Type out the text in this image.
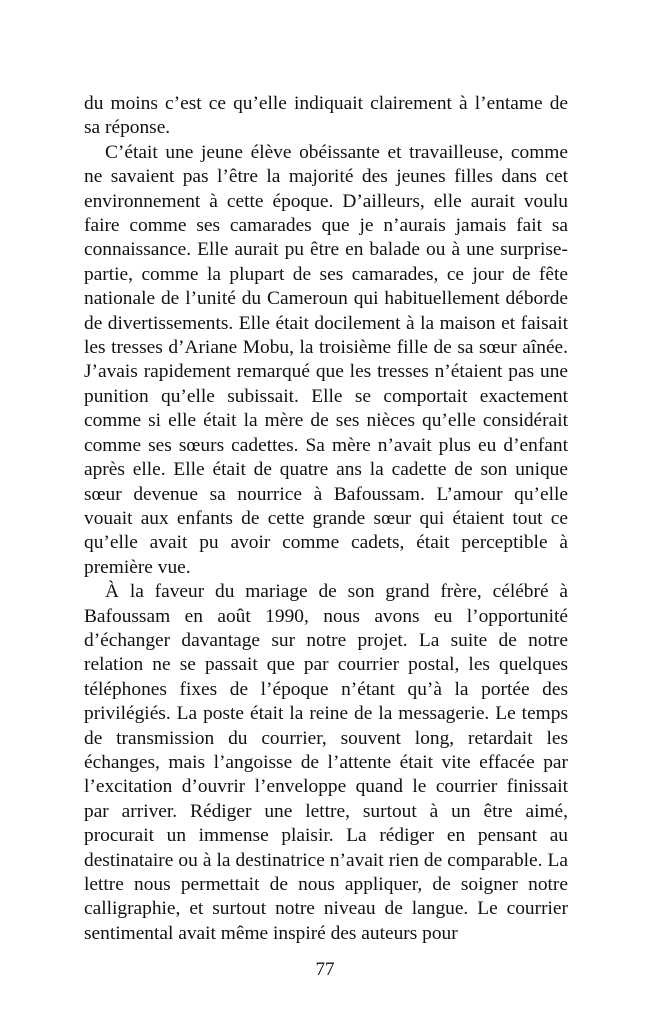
du moins c’est ce qu’elle indiquait clairement à l’entame de sa réponse.

C’était une jeune élève obéissante et travailleuse, comme ne savaient pas l’être la majorité des jeunes filles dans cet environnement à cette époque. D’ailleurs, elle aurait voulu faire comme ses camarades que je n’aurais jamais fait sa connaissance. Elle aurait pu être en balade ou à une surprise-partie, comme la plupart de ses camarades, ce jour de fête nationale de l’unité du Cameroun qui habituellement déborde de divertissements. Elle était docilement à la maison et faisait les tresses d’Ariane Mobu, la troisième fille de sa sœur aînée. J’avais rapidement remarqué que les tresses n’étaient pas une punition qu’elle subissait. Elle se comportait exactement comme si elle était la mère de ses nièces qu’elle considérait comme ses sœurs cadettes. Sa mère n’avait plus eu d’enfant après elle. Elle était de quatre ans la cadette de son unique sœur devenue sa nourrice à Bafoussam. L’amour qu’elle vouait aux enfants de cette grande sœur qui étaient tout ce qu’elle avait pu avoir comme cadets, était perceptible à première vue.

À la faveur du mariage de son grand frère, célébré à Bafoussam en août 1990, nous avons eu l’opportunité d’échanger davantage sur notre projet. La suite de notre relation ne se passait que par courrier postal, les quelques téléphones fixes de l’époque n’étant qu’à la portée des privilégiés. La poste était la reine de la messagerie. Le temps de transmission du courrier, souvent long, retardait les échanges, mais l’angoisse de l’attente était vite effacée par l’excitation d’ouvrir l’enveloppe quand le courrier finissait par arriver. Rédiger une lettre, surtout à un être aimé, procurait un immense plaisir. La rédiger en pensant au destinataire ou à la destinatrice n’avait rien de comparable. La lettre nous permettait de nous appliquer, de soigner notre calligraphie, et surtout notre niveau de langue. Le courrier sentimental avait même inspiré des auteurs pour

77
